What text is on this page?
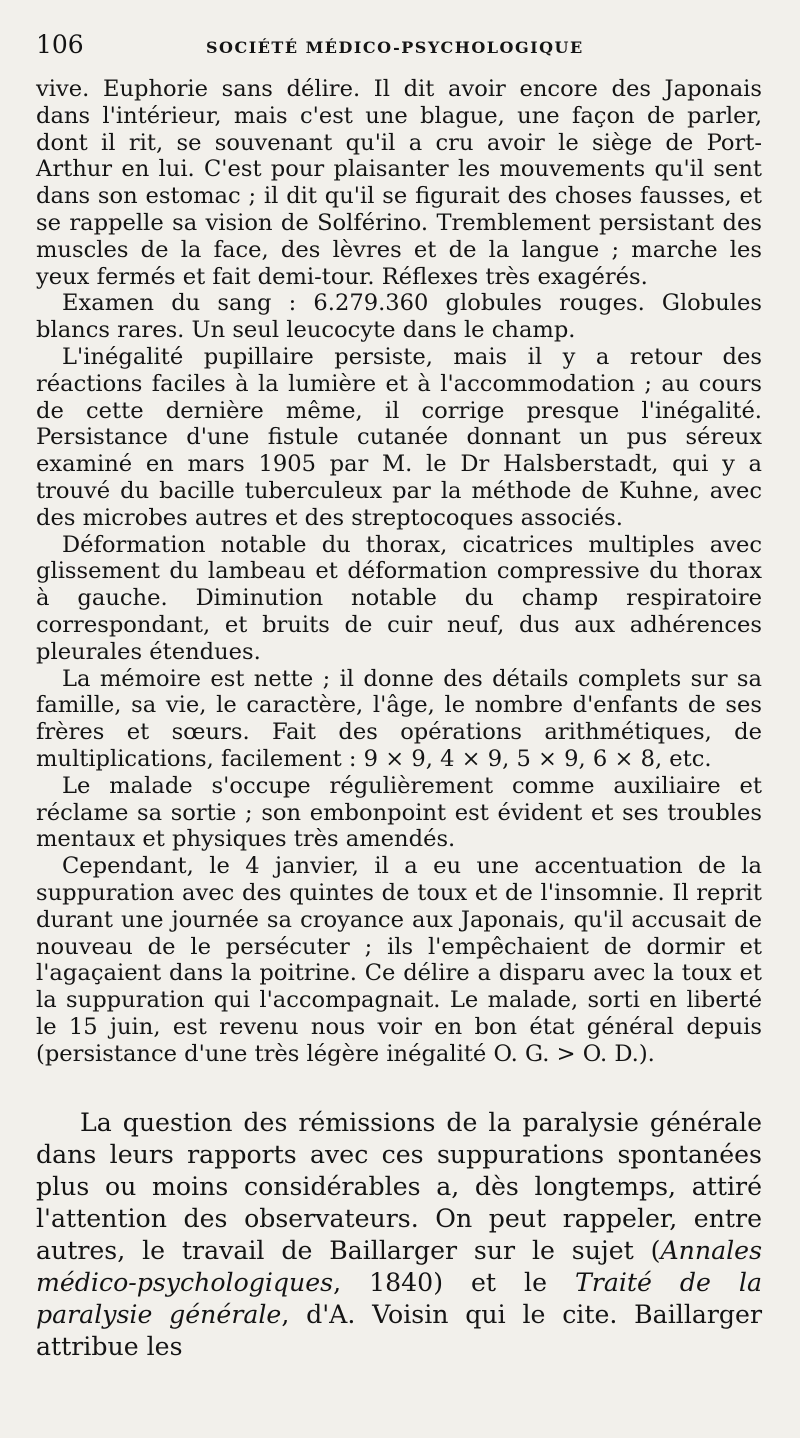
106	SOCIÉTÉ MÉDICO-PSYCHOLOGIQUE

vive. Euphorie sans délire. Il dit avoir encore des Japonais dans l'intérieur, mais c'est une blague, une façon de parler, dont il rit, se souvenant qu'il a cru avoir le siège de Port-Arthur en lui. C'est pour plaisanter les mouvements qu'il sent dans son estomac ; il dit qu'il se figurait des choses fausses, et se rappelle sa vision de Solférino. Tremblement persistant des muscles de la face, des lèvres et de la langue ; marche les yeux fermés et fait demi-tour. Réflexes très exagérés.

Examen du sang : 6.279.360 globules rouges. Globules blancs rares. Un seul leucocyte dans le champ.

L'inégalité pupillaire persiste, mais il y a retour des réactions faciles à la lumière et à l'accommodation ; au cours de cette dernière même, il corrige presque l'inégalité. Persistance d'une fistule cutanée donnant un pus séreux examiné en mars 1905 par M. le Dr Halsberstadt, qui y a trouvé du bacille tuberculeux par la méthode de Kuhne, avec des microbes autres et des streptocoques associés.

Déformation notable du thorax, cicatrices multiples avec glissement du lambeau et déformation compressive du thorax à gauche. Diminution notable du champ respiratoire correspondant, et bruits de cuir neuf, dus aux adhérences pleurales étendues.

La mémoire est nette ; il donne des détails complets sur sa famille, sa vie, le caractère, l'âge, le nombre d'enfants de ses frères et sœurs. Fait des opérations arithmétiques, de multiplications, facilement : 9 × 9, 4 × 9, 5 × 9, 6 × 8, etc.

Le malade s'occupe régulièrement comme auxiliaire et réclame sa sortie ; son embonpoint est évident et ses troubles mentaux et physiques très amendés.

Cependant, le 4 janvier, il a eu une accentuation de la suppuration avec des quintes de toux et de l'insomnie. Il reprit durant une journée sa croyance aux Japonais, qu'il accusait de nouveau de le persécuter ; ils l'empêchaient de dormir et l'agaçaient dans la poitrine. Ce délire a disparu avec la toux et la suppuration qui l'accompagnait. Le malade, sorti en liberté le 15 juin, est revenu nous voir en bon état général depuis (persistance d'une très légère inégalité O. G. > O. D.).

La question des rémissions de la paralysie générale dans leurs rapports avec ces suppurations spontanées plus ou moins considérables a, dès longtemps, attiré l'attention des observateurs. On peut rappeler, entre autres, le travail de Baillarger sur le sujet (Annales médico-psychologiques, 1840) et le Traité de la paralysie générale, d'A. Voisin qui le cite. Baillarger attribue les
